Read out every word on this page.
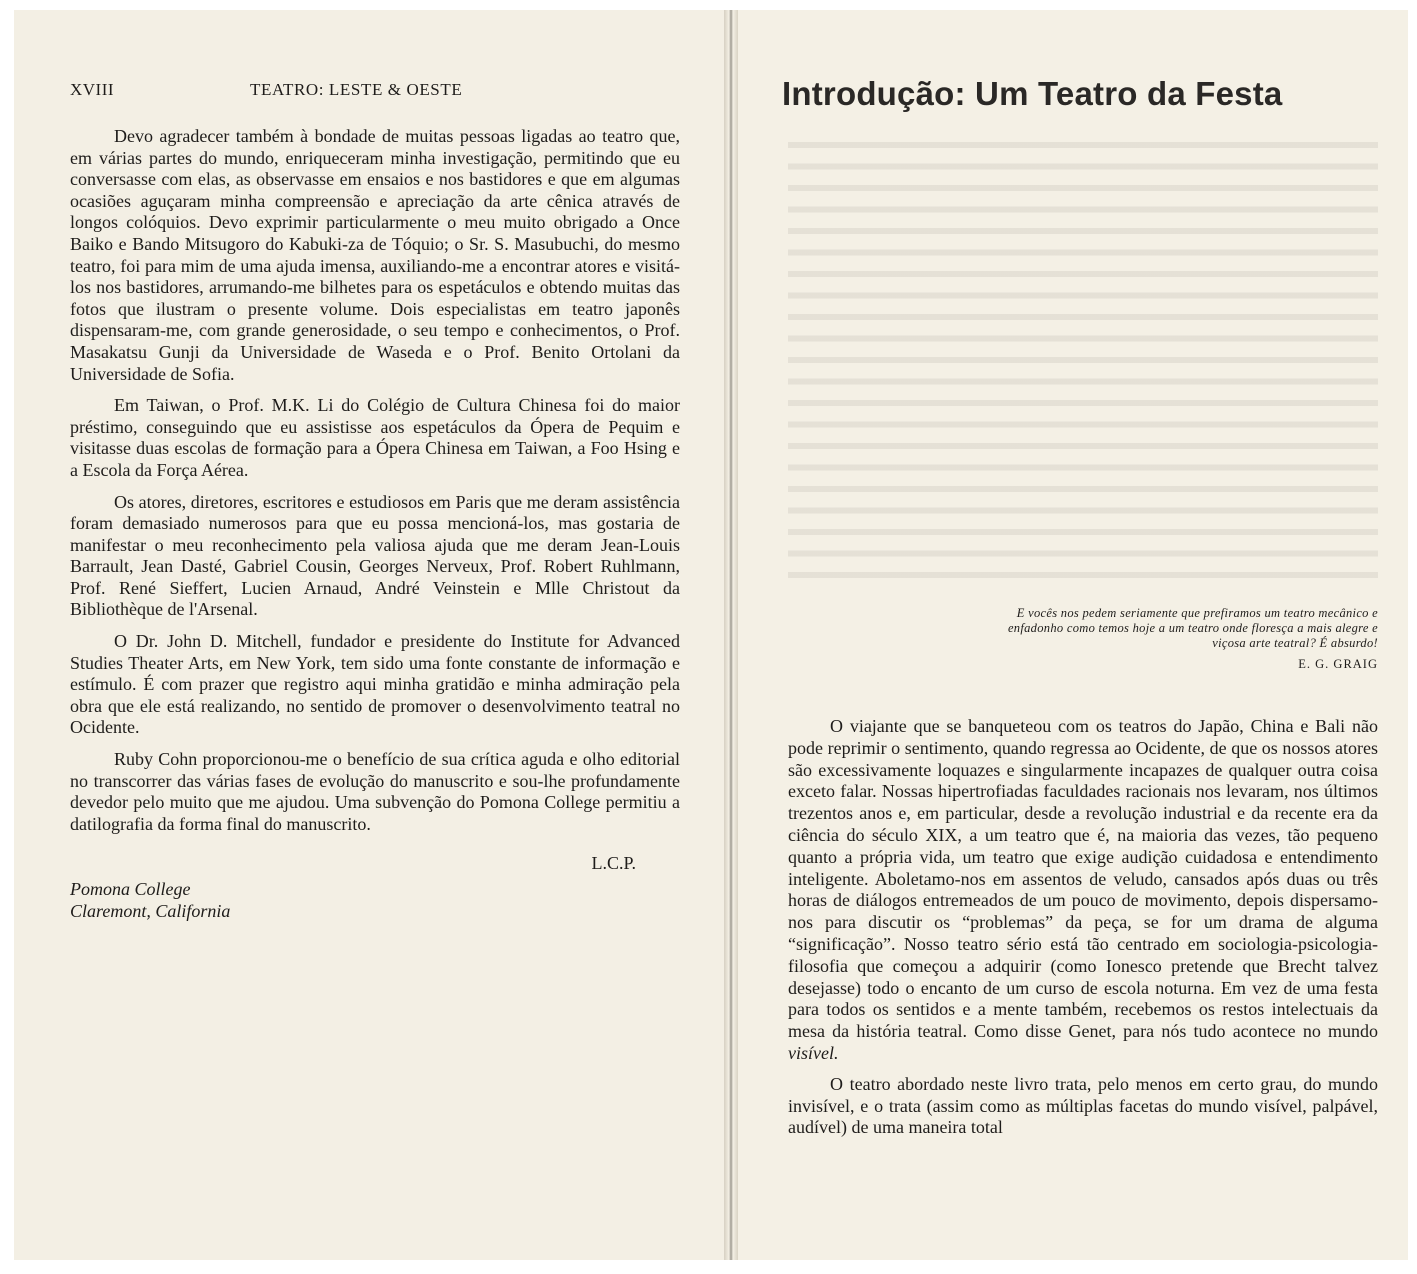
XVIII	TEATRO: LESTE & OESTE

Devo agradecer também à bondade de muitas pessoas ligadas ao teatro que, em várias partes do mundo, enriqueceram minha investigação, permitindo que eu conversasse com elas, as observasse em ensaios e nos bastidores e que em algumas ocasiões aguçaram minha compreensão e apreciação da arte cênica através de longos colóquios. Devo exprimir particularmente o meu muito obrigado a Once Baiko e Bando Mitsugoro do Kabuki-za de Tóquio; o Sr. S. Masubuchi, do mesmo teatro, foi para mim de uma ajuda imensa, auxiliando-me a encontrar atores e visitá-los nos bastidores, arrumando-me bilhetes para os espetáculos e obtendo muitas das fotos que ilustram o presente volume. Dois especialistas em teatro japonês dispensaram-me, com grande generosidade, o seu tempo e conhecimentos, o Prof. Masakatsu Gunji da Universidade de Waseda e o Prof. Benito Ortolani da Universidade de Sofia.

Em Taiwan, o Prof. M.K. Li do Colégio de Cultura Chinesa foi do maior préstimo, conseguindo que eu assistisse aos espetáculos da Ópera de Pequim e visitasse duas escolas de formação para a Ópera Chinesa em Taiwan, a Foo Hsing e a Escola da Força Aérea.

Os atores, diretores, escritores e estudiosos em Paris que me deram assistência foram demasiado numerosos para que eu possa mencioná-los, mas gostaria de manifestar o meu reconhecimento pela valiosa ajuda que me deram Jean-Louis Barrault, Jean Dasté, Gabriel Cousin, Georges Nerveux, Prof. Robert Ruhlmann, Prof. René Sieffert, Lucien Arnaud, André Veinstein e Mlle Christout da Bibliothèque de l'Arsenal.

O Dr. John D. Mitchell, fundador e presidente do Institute for Advanced Studies Theater Arts, em New York, tem sido uma fonte constante de informação e estímulo. É com prazer que registro aqui minha gratidão e minha admiração pela obra que ele está realizando, no sentido de promover o desenvolvimento teatral no Ocidente.

Ruby Cohn proporcionou-me o benefício de sua crítica aguda e olho editorial no transcorrer das várias fases de evolução do manuscrito e sou-lhe profundamente devedor pelo muito que me ajudou. Uma subvenção do Pomona College permitiu a datilografia da forma final do manuscrito.

L.C.P.
Pomona College
Claremont, California
Introdução: Um Teatro da Festa
E vocês nos pedem seriamente que prefiramos um teatro mecânico e enfadonho como temos hoje a um teatro onde floresça a mais alegre e viçosa arte teatral? É absurdo!
E. G. GRAIG

O viajante que se banqueteou com os teatros do Japão, China e Bali não pode reprimir o sentimento, quando regressa ao Ocidente, de que os nossos atores são excessivamente loquazes e singularmente incapazes de qualquer outra coisa exceto falar. Nossas hipertrofiadas faculdades racionais nos levaram, nos últimos trezentos anos e, em particular, desde a revolução industrial e da recente era da ciência do século XIX, a um teatro que é, na maioria das vezes, tão pequeno quanto a própria vida, um teatro que exige audição cuidadosa e entendimento inteligente. Aboletamo-nos em assentos de veludo, cansados após duas ou três horas de diálogos entremeados de um pouco de movimento, depois dispersamo-nos para discutir os “problemas” da peça, se for um drama de alguma “significação”. Nosso teatro sério está tão centrado em sociologia-psicologia-filosofia que começou a adquirir (como Ionesco pretende que Brecht talvez desejasse) todo o encanto de um curso de escola noturna. Em vez de uma festa para todos os sentidos e a mente também, recebemos os restos intelectuais da mesa da história teatral. Como disse Genet, para nós tudo acontece no mundo visível.

O teatro abordado neste livro trata, pelo menos em certo grau, do mundo invisível, e o trata (assim como as múltiplas facetas do mundo visível, palpável, audível) de uma maneira total
